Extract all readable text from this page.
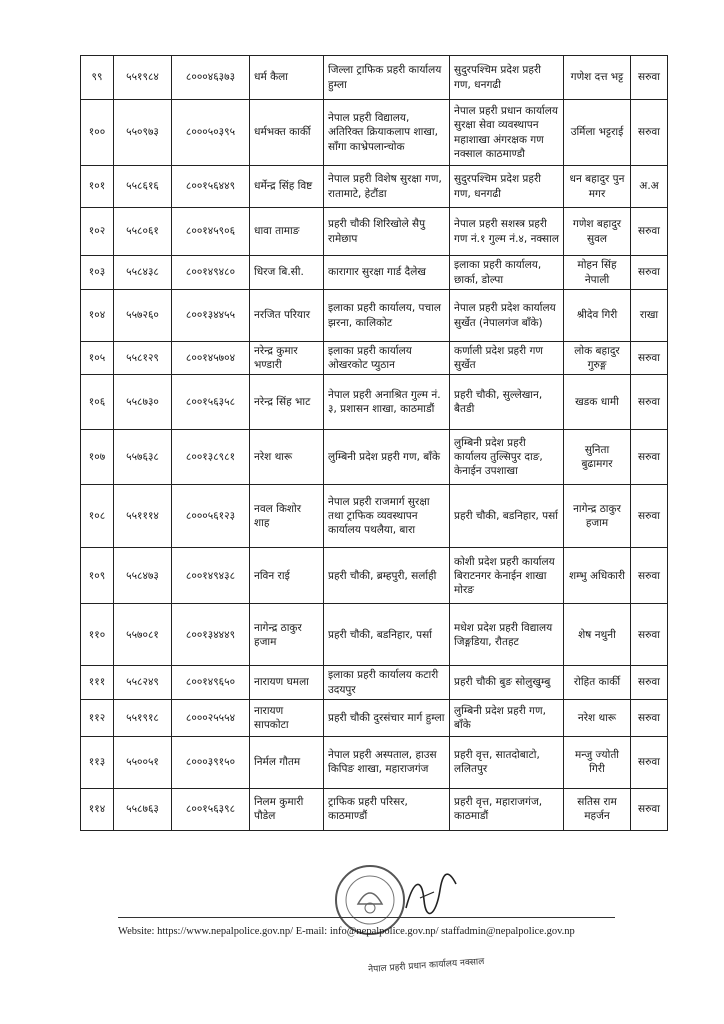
९९	५५१९८४	८०००४६३७३	धर्म कैला	जिल्ला ट्राफिक प्रहरी कार्यालय हुम्ला	सुदुरपश्चिम प्रदेश प्रहरी गण, धनगढी	गणेश दत्त भट्ट	सरुवा
१००	५५०९७३	८०००५०३९५	धर्मभक्त कार्की	नेपाल प्रहरी विद्यालय, अतिरिक्त क्रियाकलाप शाखा, साँगा काभ्रेपलान्चोक	नेपाल प्रहरी प्रधान कार्यालय सुरक्षा सेवा व्यवस्थापन महाशाखा अंगरक्षक गण नक्साल काठमाण्डौ	उर्मिला भट्टराई	सरुवा
१०१	५५८६१६	८००१५६४४९	धर्मेन्द्र सिंह विष्ट	नेपाल प्रहरी विशेष सुरक्षा गण, रातामाटे, हेटौंडा	सुदुरपश्चिम प्रदेश प्रहरी गण, धनगढी	धन बहादुर पुन मगर	अ.अ
१०२	५५८०६१	८००१४५९०६	धावा तामाङ	प्रहरी चौकी शिरिखोले सैपु रामेछाप	नेपाल प्रहरी सशस्त्र प्रहरी गण नं.१ गुल्म नं.४, नक्साल	गणेश बहादुर सुवल	सरुवा
१०३	५५८४३८	८००१४९४८०	धिरज बि.सी.	कारागार सुरक्षा गार्ड दैलेख	इलाका प्रहरी कार्यालय, छार्का, डोल्पा	मोहन सिंह नेपाली	सरुवा
१०४	५५७२६०	८००१३४४५५	नरजित परियार	इलाका प्रहरी कार्यालय, पचाल झरना, कालिकोट	नेपाल प्रहरी प्रदेश कार्यालय सुर्खेत (नेपालगंज बाँके)	श्रीदेव गिरी	राखा
१०५	५५८१२९	८००१४५७०४	नरेन्द्र कुमार भण्डारी	इलाका प्रहरी कार्यालय ओखरकोट प्युठान	कर्णाली प्रदेश प्रहरी गण सुर्खेत	लोक बहादुर गुरुङ्ग	सरुवा
१०६	५५८७३०	८००१५६३५८	नरेन्द्र सिंह भाट	नेपाल प्रहरी अनाश्रित गुल्म नं. ३, प्रशासन शाखा, काठमाडौं	प्रहरी चौकी, सुल्लेखान, बैतडी	खडक धामी	सरुवा
१०७	५५७६३८	८००१३८९८१	नरेश थारू	लुम्बिनी प्रदेश प्रहरी गण, बाँके	लुम्बिनी प्रदेश प्रहरी कार्यालय तुल्सिपुर दाङ, केनाईन उपशाखा	सुनिता बुढामगर	सरुवा
१०८	५५१११४	८०००५६१२३	नवल किशोर शाह	नेपाल प्रहरी राजमार्ग सुरक्षा तथा ट्राफिक व्यवस्थापन कार्यालय पथलैया, बारा	प्रहरी चौकी, बडनिहार, पर्सा	नागेन्द्र ठाकुर हजाम	सरुवा
१०९	५५८४७३	८००१४९४३८	नविन राई	प्रहरी चौकी, ब्रम्हपुरी, सर्लाही	कोशी प्रदेश प्रहरी कार्यालय बिराटनगर केनाईन शाखा मोरङ	शम्भु अधिकारी	सरुवा
११०	५५७०८१	८००१३४४४९	नागेन्द्र ठाकुर हजाम	प्रहरी चौकी, बडनिहार, पर्सा	मधेश प्रदेश प्रहरी विद्यालय जिङ्गडिया, रौतहट	शेष नथुनी	सरुवा
१११	५५८२४९	८००१४९६५०	नारायण घमला	इलाका प्रहरी कार्यालय कटारी उदयपुर	प्रहरी चौकी बुङ सोलुखुम्बु	रोहित कार्की	सरुवा
११२	५५१९१८	८०००२५५५४	नारायण सापकोटा	प्रहरी चौकी दुरसंचार मार्ग हुम्ला	लुम्बिनी प्रदेश प्रहरी गण, बाँके	नरेश थारू	सरुवा
११३	५५००५१	८०००३९१५०	निर्मल गौतम	नेपाल प्रहरी अस्पताल, हाउस किपिङ शाखा, महाराजगंज	प्रहरी वृत्त, सातदोबाटो, ललितपुर	मन्जु ज्योती गिरी	सरुवा
११४	५५८७६३	८००१५६३९८	निलम कुमारी पौडेल	ट्राफिक प्रहरी परिसर, काठमाण्डौं	प्रहरी वृत्त, महाराजगंज, काठमाडौं	सतिस राम महर्जन	सरुवा
नेपाल प्रहरी प्रधान कार्यालय नक्साल
Website: https://www.nepalpolice.gov.np/ E-mail: info@nepalpolice.gov.np/ staffadmin@nepalpolice.gov.np
